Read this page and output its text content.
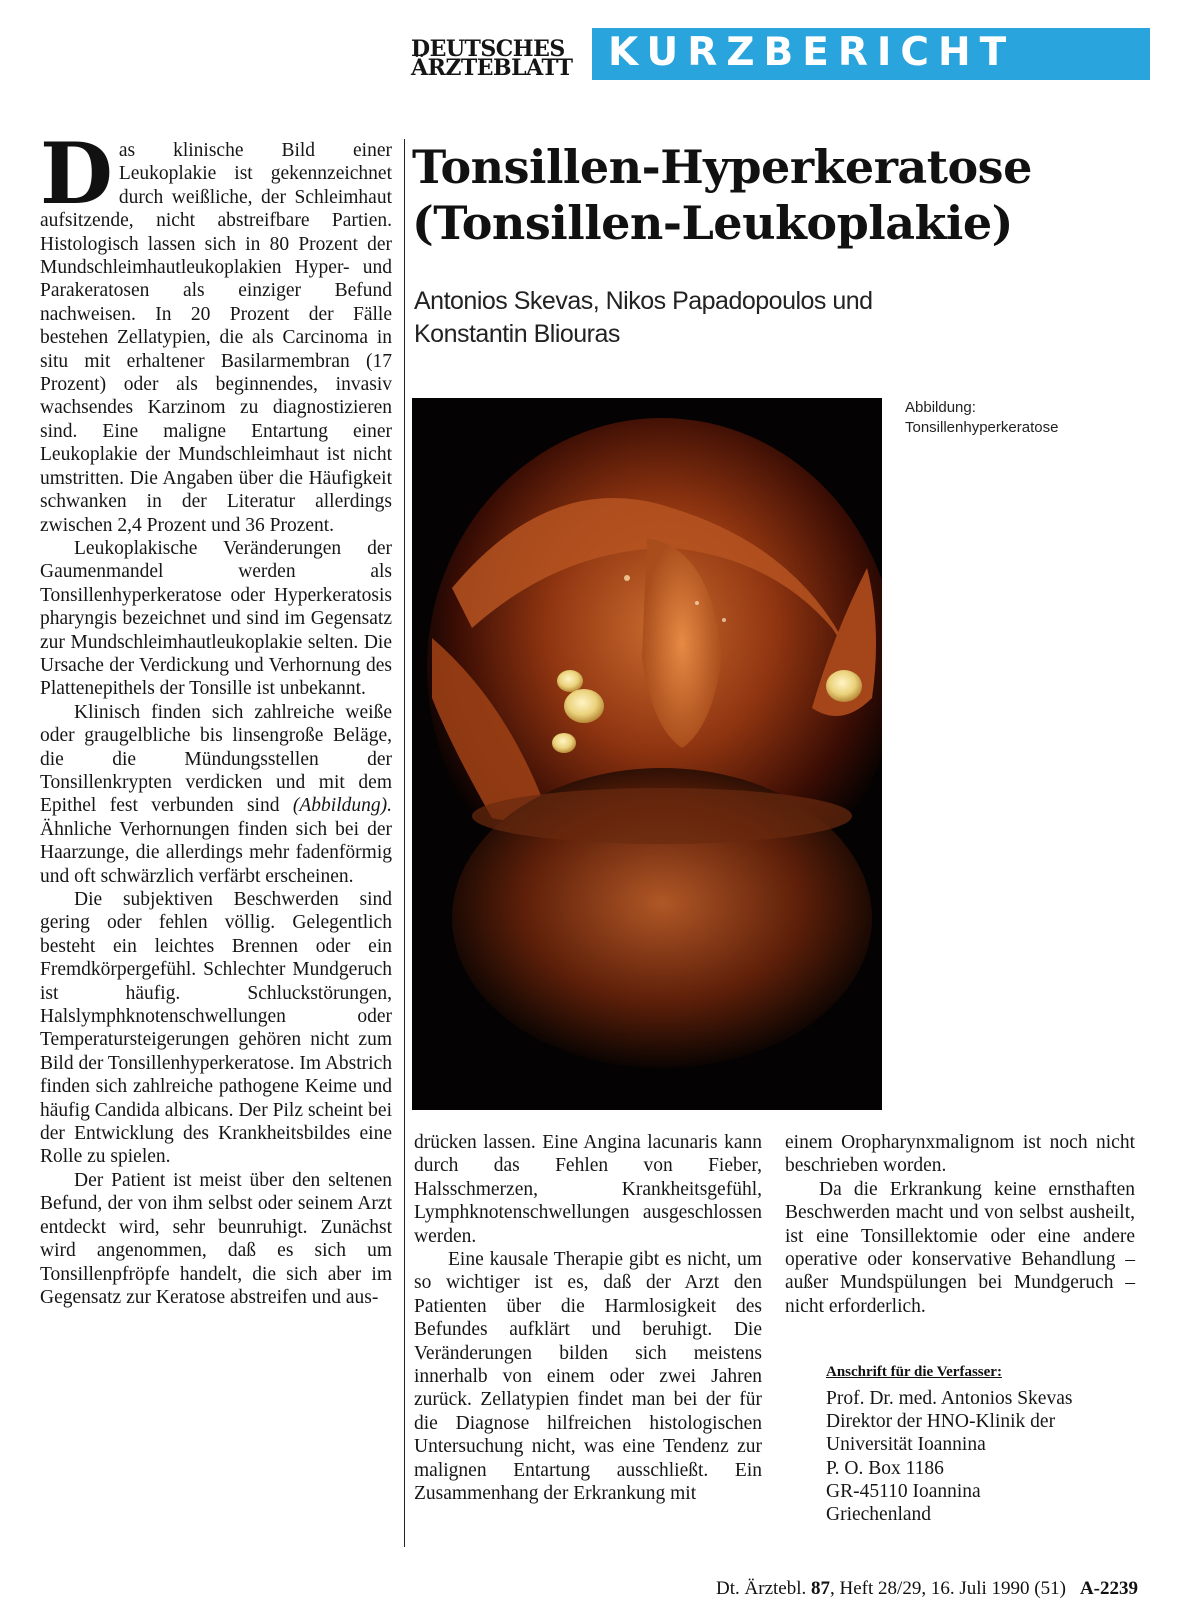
DEUTSCHES
ÄRZTEBLATT KURZBERICHT

Das klinische Bild einer Leukoplakie ist gekennzeichnet durch weißliche, der Schleimhaut aufsitzende, nicht abstreifbare Partien. Histologisch lassen sich in 80 Prozent der Mundschleimhautleukoplakien Hyper- und Parakeratosen als einziger Befund nachweisen. In 20 Prozent der Fälle bestehen Zellatypien, die als Carcinoma in situ mit erhaltener Basilarmembran (17 Prozent) oder als beginnendes, invasiv wachsendes Karzinom zu diagnostizieren sind. Eine maligne Entartung einer Leukoplakie der Mundschleimhaut ist nicht umstritten. Die Angaben über die Häufigkeit schwanken in der Literatur allerdings zwischen 2,4 Prozent und 36 Prozent.

Leukoplakische Veränderungen der Gaumenmandel werden als Tonsillenhyperkeratose oder Hyperkeratosis pharyngis bezeichnet und sind im Gegensatz zur Mundschleimhautleukoplakie selten. Die Ursache der Verdickung und Verhornung des Plattenepithels der Tonsille ist unbekannt.

Klinisch finden sich zahlreiche weiße oder graugelbliche bis linsengroße Beläge, die die Mündungsstellen der Tonsillenkrypten verdicken und mit dem Epithel fest verbunden sind (Abbildung). Ähnliche Verhornungen finden sich bei der Haarzunge, die allerdings mehr fadenförmig und oft schwärzlich verfärbt erscheinen.

Die subjektiven Beschwerden sind gering oder fehlen völlig. Gelegentlich besteht ein leichtes Brennen oder ein Fremdkörpergefühl. Schlechter Mundgeruch ist häufig. Schluckstörungen, Halslymphknotenschwellungen oder Temperatursteigerungen gehören nicht zum Bild der Tonsillenhyperkeratose. Im Abstrich finden sich zahlreiche pathogene Keime und häufig Candida albicans. Der Pilz scheint bei der Entwicklung des Krankheitsbildes eine Rolle zu spielen.

Der Patient ist meist über den seltenen Befund, der von ihm selbst oder seinem Arzt entdeckt wird, sehr beunruhigt. Zunächst wird angenommen, daß es sich um Tonsillenpfröpfe handelt, die sich aber im Gegensatz zur Keratose abstreifen und aus-

Tonsillen-Hyperkeratose
(Tonsillen-Leukoplakie)
Antonios Skevas, Nikos Papadopoulos und
Konstantin Bliouras
Abbildung:
Tonsillenhyperkeratose

drücken lassen. Eine Angina lacunaris kann durch das Fehlen von Fieber, Halsschmerzen, Krankheitsgefühl, Lymphknotenschwellungen ausgeschlossen werden.

Eine kausale Therapie gibt es nicht, um so wichtiger ist es, daß der Arzt den Patienten über die Harmlosigkeit des Befundes aufklärt und beruhigt. Die Veränderungen bilden sich meistens innerhalb von einem oder zwei Jahren zurück. Zellatypien findet man bei der für die Diagnose hilfreichen histologischen Untersuchung nicht, was eine Tendenz zur malignen Entartung ausschließt. Ein Zusammenhang der Erkrankung mit

einem Oropharynxmalignom ist noch nicht beschrieben worden.

Da die Erkrankung keine ernsthaften Beschwerden macht und von selbst ausheilt, ist eine Tonsillektomie oder eine andere operative oder konservative Behandlung – außer Mundspülungen bei Mundgeruch – nicht erforderlich.

Anschrift für die Verfasser:
Prof. Dr. med. Antonios Skevas
Direktor der HNO-Klinik der
Universität Ioannina
P. O. Box 1186
GR-45110 Ioannina
Griechenland
Dt. Ärztebl. 87, Heft 28/29, 16. Juli 1990 (51) A-2239
